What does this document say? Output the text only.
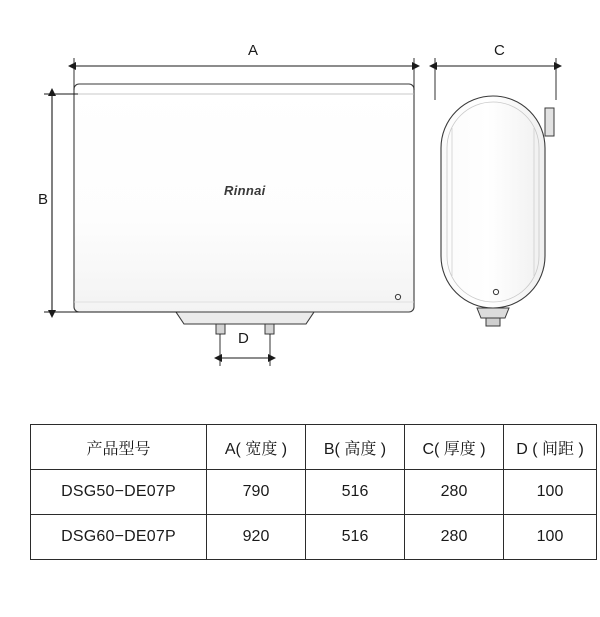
A
B
C
D
Rinnai
产品型号	A( 宽度 )	B( 高度 )	C( 厚度 )	D ( 间距 )
DSG50−DE07P	790	516	280	100
DSG60−DE07P	920	516	280	100
